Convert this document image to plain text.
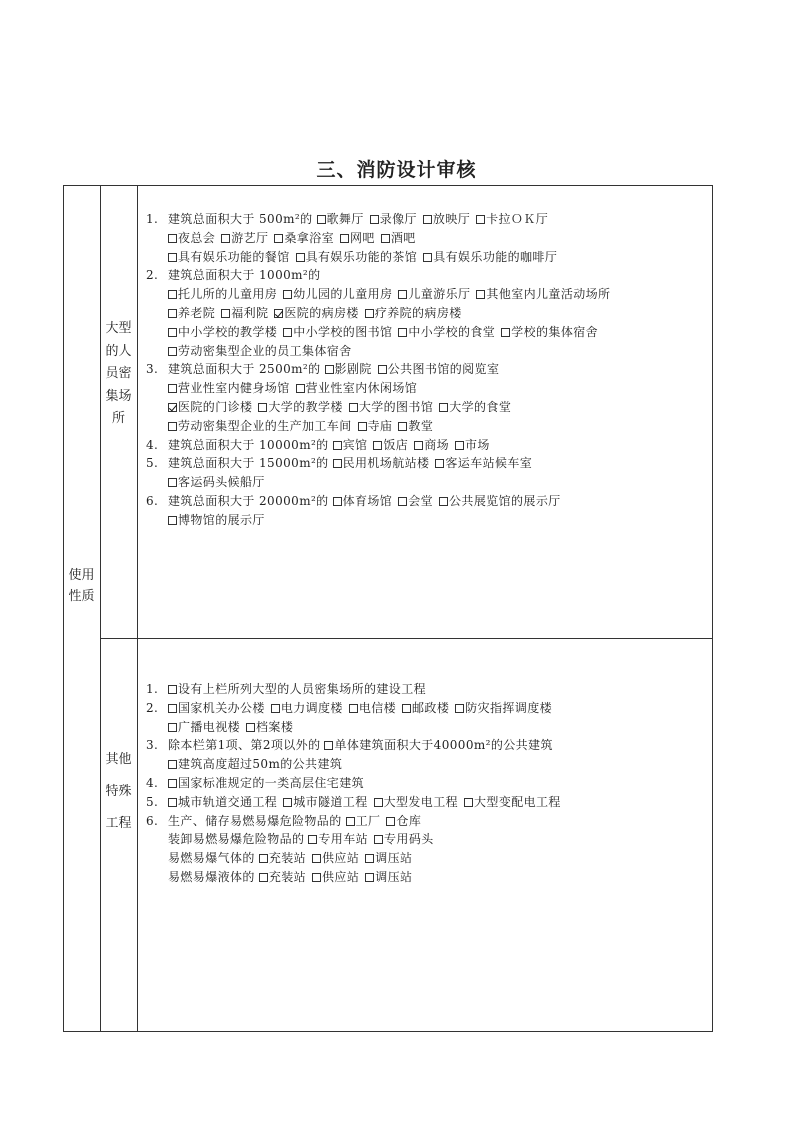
三、消防设计审核
使用性质
大型的人员密集场所
其他特殊工程
1. 建筑总面积大于 500m²的 歌舞厅 录像厅 放映厅 卡拉ＯＫ厅
夜总会 游艺厅 桑拿浴室 网吧 酒吧
具有娱乐功能的餐馆 具有娱乐功能的茶馆 具有娱乐功能的咖啡厅
2. 建筑总面积大于 1000m²的
托儿所的儿童用房 幼儿园的儿童用房 儿童游乐厅 其他室内儿童活动场所
养老院 福利院 医院的病房楼 疗养院的病房楼
中小学校的教学楼 中小学校的图书馆 中小学校的食堂 学校的集体宿舍
劳动密集型企业的员工集体宿舍
3. 建筑总面积大于 2500m²的 影剧院 公共图书馆的阅览室
营业性室内健身场馆 营业性室内休闲场馆
医院的门诊楼 大学的教学楼 大学的图书馆 大学的食堂
劳动密集型企业的生产加工车间 寺庙 教堂
4. 建筑总面积大于 10000m²的 宾馆 饭店 商场 市场
5. 建筑总面积大于 15000m²的 民用机场航站楼 客运车站候车室
客运码头候船厅
6. 建筑总面积大于 20000m²的 体育场馆 会堂 公共展览馆的展示厅
博物馆的展示厅
1. 设有上栏所列大型的人员密集场所的建设工程
2. 国家机关办公楼 电力调度楼 电信楼 邮政楼 防灾指挥调度楼
广播电视楼 档案楼
3. 除本栏第1项、第2项以外的 单体建筑面积大于40000m²的公共建筑
建筑高度超过50m的公共建筑
4. 国家标准规定的一类高层住宅建筑
5. 城市轨道交通工程 城市隧道工程 大型发电工程 大型变配电工程
6. 生产、储存易燃易爆危险物品的 工厂 仓库
装卸易燃易爆危险物品的 专用车站 专用码头
易燃易爆气体的 充装站 供应站 调压站
易燃易爆液体的 充装站 供应站 调压站
